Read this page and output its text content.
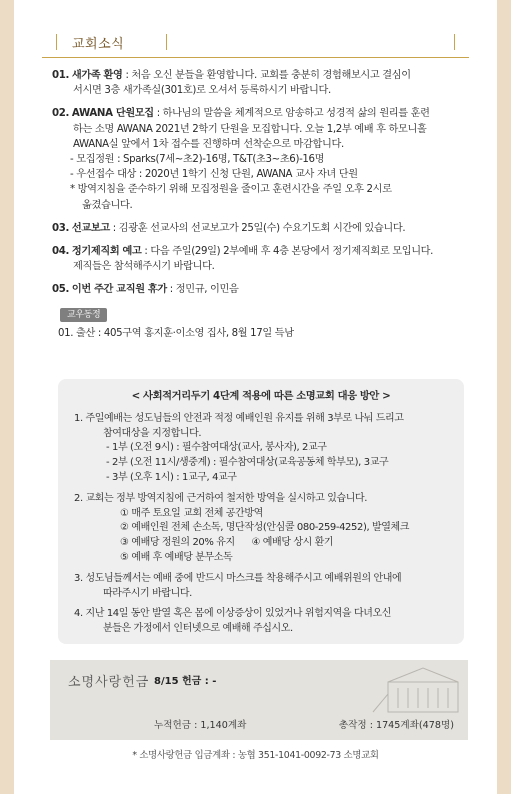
교회소식
01. 새가족 환영 : 처음 오신 분들을 환영합니다. 교회를 충분히 경험해보시고 결심이
서시면 3층 새가족실(301호)로 오셔서 등록하시기 바랍니다.
02. AWANA 단원모집 : 하나님의 말씀을 체계적으로 암송하고 성경적 삶의 원리를 훈련
하는 소명 AWANA 2021년 2학기 단원을 모집합니다. 오늘 1,2부 예배 후 하모니홀
AWANA실 앞에서 1차 접수를 진행하며 선착순으로 마감합니다.
- 모집정원 : Sparks(7세~초2)-16명, T&T(초3~초6)-16명
- 우선접수 대상 : 2020년 1학기 신청 단원, AWANA 교사 자녀 단원
* 방역지침을 준수하기 위해 모집정원을 줄이고 훈련시간을 주일 오후 2시로
옮겼습니다.
03. 선교보고 : 김광훈 선교사의 선교보고가 25일(수) 수요기도회 시간에 있습니다.
04. 정기제직회 예고 : 다음 주일(29일) 2부예배 후 4층 본당에서 정기제직회로 모입니다.
제직들은 참석해주시기 바랍니다.
05. 이번 주간 교직원 휴가 : 정민규, 이민음
교우동정
01. 출산 : 405구역 홍지훈·이소영 집사, 8월 17일 득남
< 사회적거리두기 4단계 적용에 따른 소명교회 대응 방안 >
1. 주일예배는 성도님들의 안전과 적정 예배인원 유지를 위해 3부로 나눠 드리고
참여대상을 지정합니다.
- 1부 (오전 9시) : 필수참여대상(교사, 봉사자), 2교구
- 2부 (오전 11시/생중계) : 필수참여대상(교육공동체 학부모), 3교구
- 3부 (오후 1시) : 1교구, 4교구
2. 교회는 정부 방역지침에 근거하여 철저한 방역을 실시하고 있습니다.
① 매주 토요일 교회 전체 공간방역
② 예배인원 전체 손소독, 명단작성(안심콜 080-259-4252), 발열체크
③ 예배당 정원의 20% 유지      ④ 예배당 상시 환기
⑤ 예배 후 예배당 분무소독
3. 성도님들께서는 예배 중에 반드시 마스크를 착용해주시고 예배위원의 안내에
따라주시기 바랍니다.
4. 지난 14일 동안 발열 혹은 몸에 이상증상이 있었거나 위험지역을 다녀오신
분들은 가정에서 인터넷으로 예배해 주십시오.
소명사랑헌금 8/15 헌금 : -
누적헌금 : 1,140계좌	총작정 : 1745계좌(478명)
* 소명사랑헌금 입금계좌 : 농협 351-1041-0092-73 소명교회
